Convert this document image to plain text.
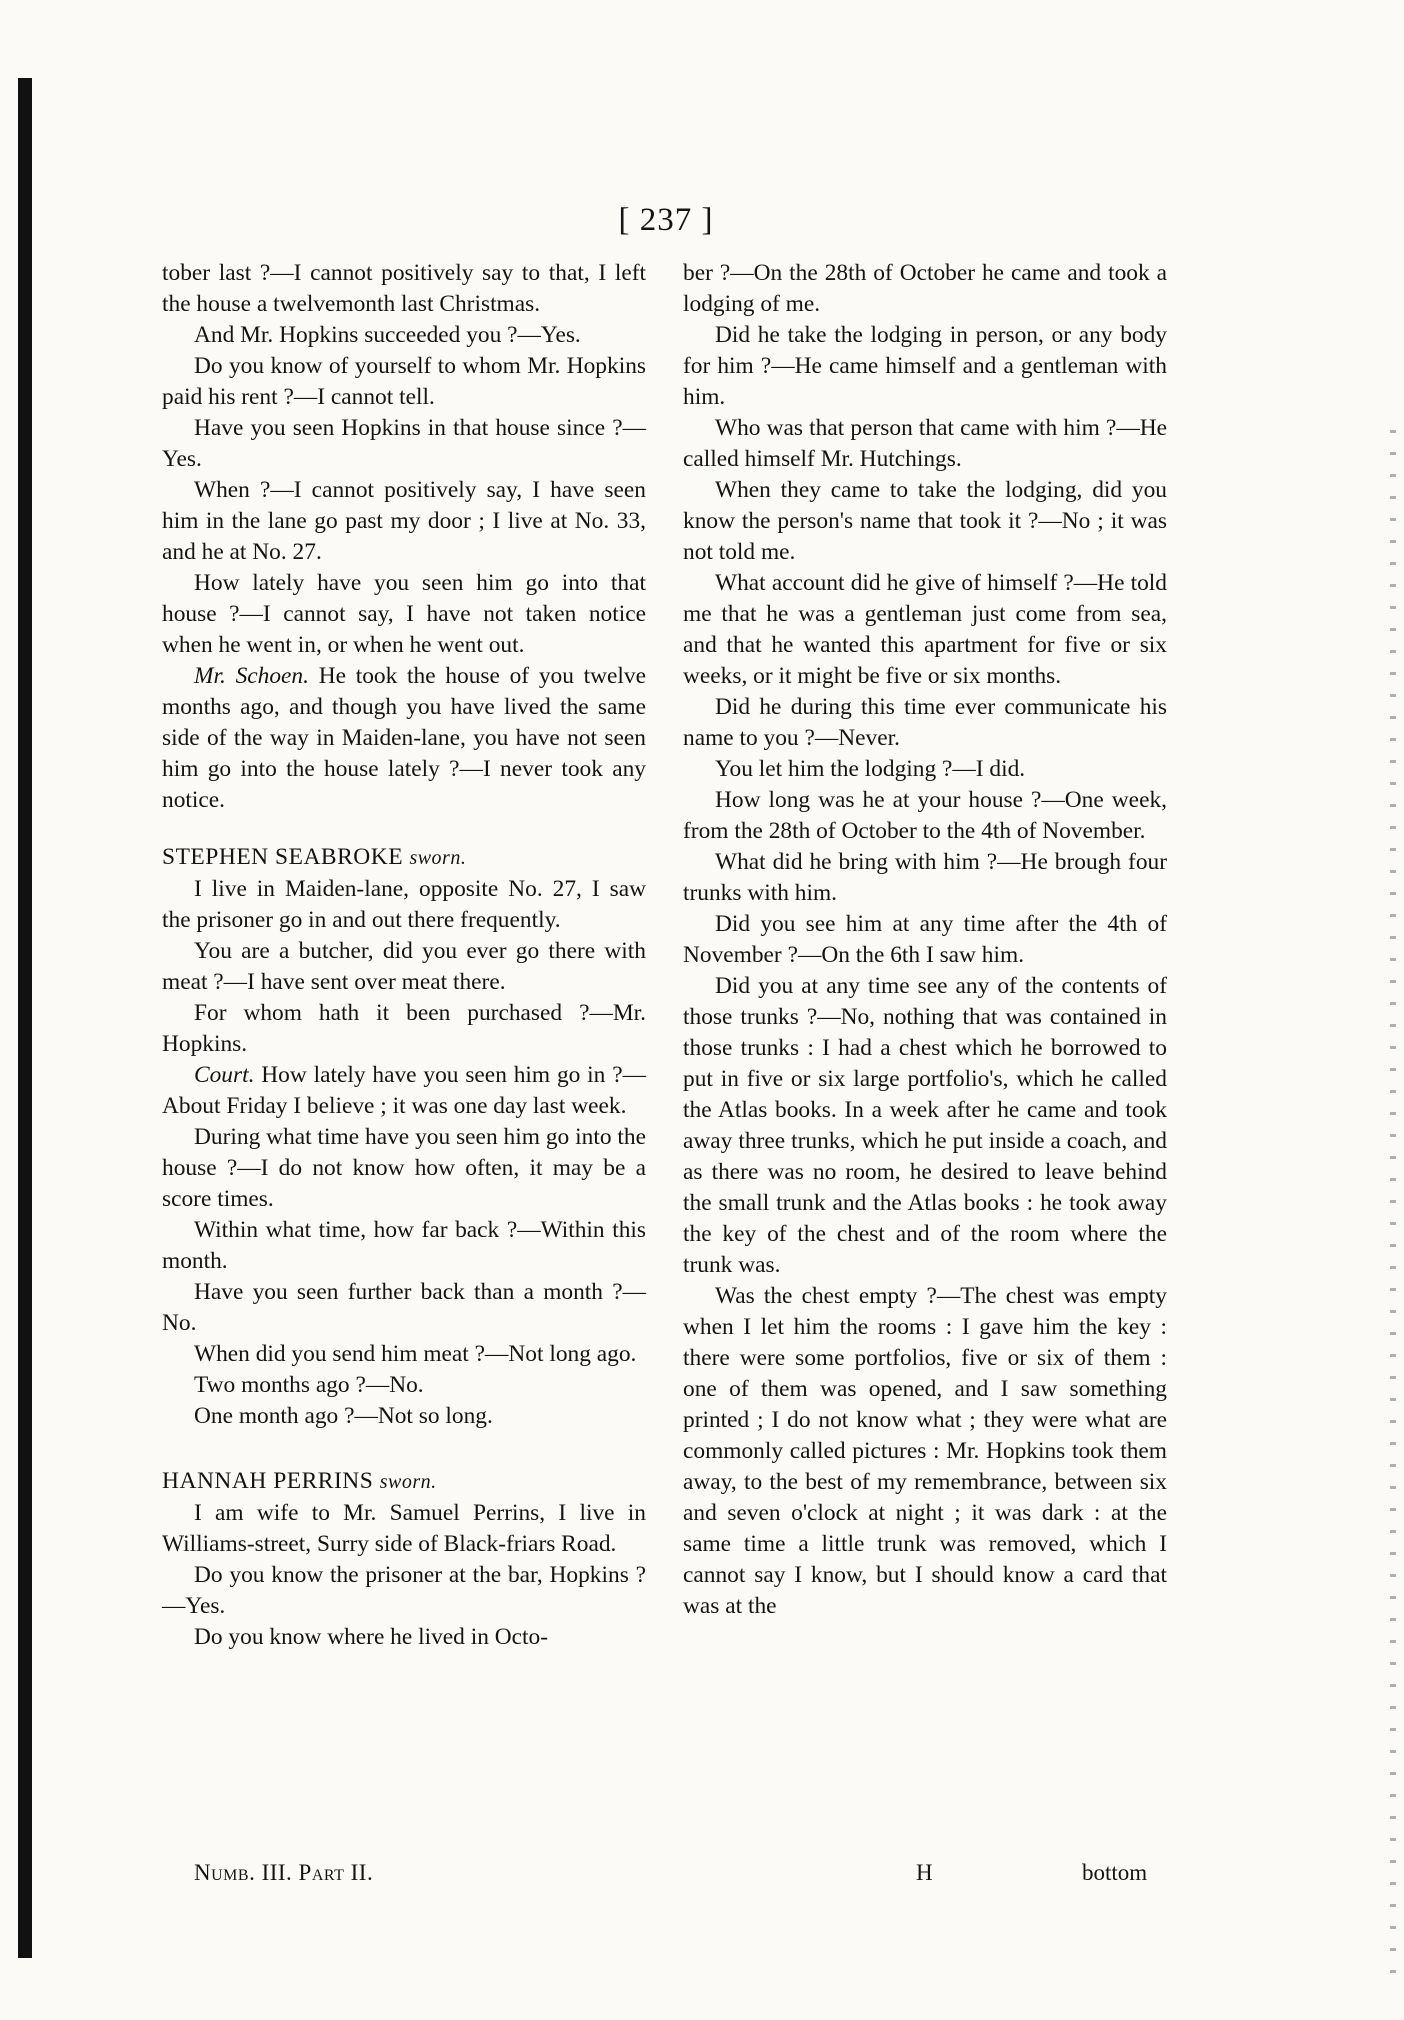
[ 237 ]

tober last ?—I cannot positively say to that, I left the house a twelvemonth last Christmas.

And Mr. Hopkins succeeded you ?—Yes.

Do you know of yourself to whom Mr. Hopkins paid his rent ?—I cannot tell.

Have you seen Hopkins in that house since ?—Yes.

When ?—I cannot positively say, I have seen him in the lane go past my door ; I live at No. 33, and he at No. 27.

How lately have you seen him go into that house ?—I cannot say, I have not taken notice when he went in, or when he went out.

Mr. Schoen. He took the house of you twelve months ago, and though you have lived the same side of the way in Maiden-lane, you have not seen him go into the house lately ?—I never took any notice.

STEPHEN SEABROKE sworn.

I live in Maiden-lane, opposite No. 27, I saw the prisoner go in and out there frequently.

You are a butcher, did you ever go there with meat ?—I have sent over meat there.

For whom hath it been purchased ?—Mr. Hopkins.

Court. How lately have you seen him go in ?—About Friday I believe ; it was one day last week.

During what time have you seen him go into the house ?—I do not know how often, it may be a score times.

Within what time, how far back ?—Within this month.

Have you seen further back than a month ?—No.

When did you send him meat ?—Not long ago.

Two months ago ?—No.

One month ago ?—Not so long.

HANNAH PERRINS sworn.

I am wife to Mr. Samuel Perrins, I live in Williams-street, Surry side of Black-friars Road.

Do you know the prisoner at the bar, Hopkins ?—Yes.

Do you know where he lived in Octo-

ber ?—On the 28th of October he came and took a lodging of me.

Did he take the lodging in person, or any body for him ?—He came himself and a gentleman with him.

Who was that person that came with him ?—He called himself Mr. Hutchings.

When they came to take the lodging, did you know the person's name that took it ?—No ; it was not told me.

What account did he give of himself ?—He told me that he was a gentleman just come from sea, and that he wanted this apartment for five or six weeks, or it might be five or six months.

Did he during this time ever communicate his name to you ?—Never.

You let him the lodging ?—I did.

How long was he at your house ?—One week, from the 28th of October to the 4th of November.

What did he bring with him ?—He brough four trunks with him.

Did you see him at any time after the 4th of November ?—On the 6th I saw him.

Did you at any time see any of the contents of those trunks ?—No, nothing that was contained in those trunks : I had a chest which he borrowed to put in five or six large portfolio's, which he called the Atlas books. In a week after he came and took away three trunks, which he put inside a coach, and as there was no room, he desired to leave behind the small trunk and the Atlas books : he took away the key of the chest and of the room where the trunk was.

Was the chest empty ?—The chest was empty when I let him the rooms : I gave him the key : there were some portfolios, five or six of them : one of them was opened, and I saw something printed ; I do not know what ; they were what are commonly called pictures : Mr. Hopkins took them away, to the best of my remembrance, between six and seven o'clock at night ; it was dark : at the same time a little trunk was removed, which I cannot say I know, but I should know a card that was at the

Numb. III. Part II.	H	bottom
